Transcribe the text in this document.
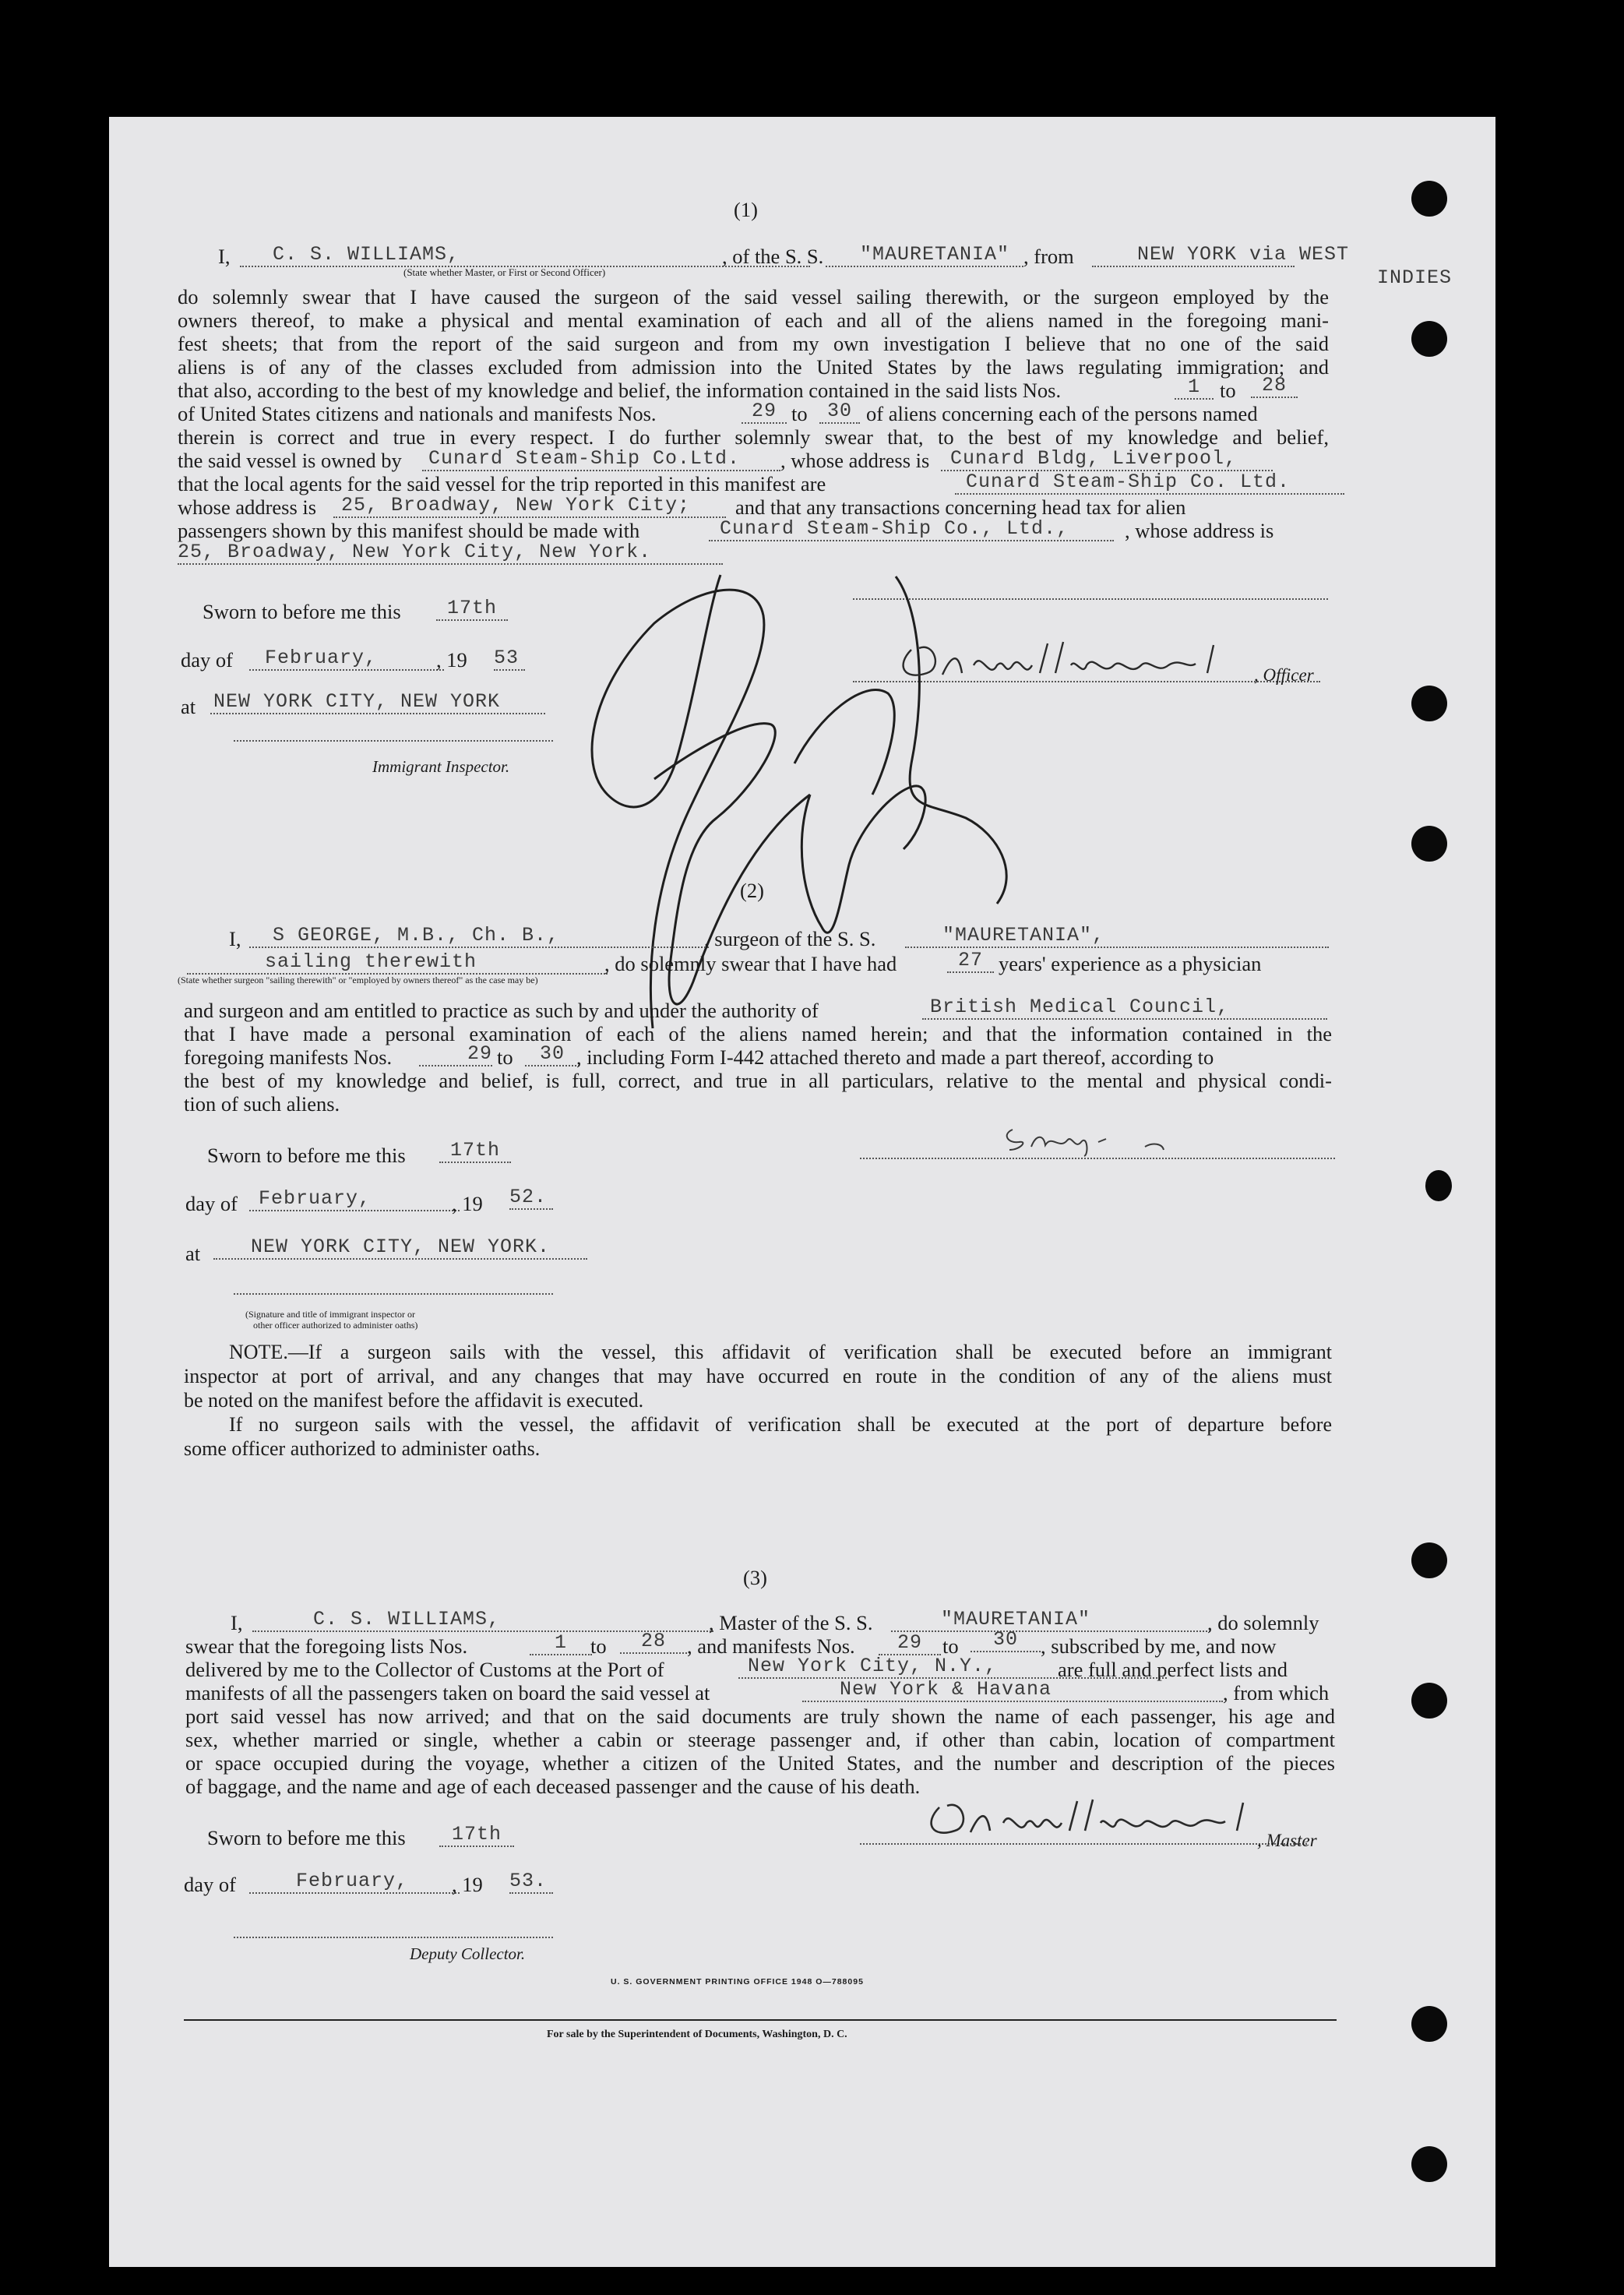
(1)
I,	C. S. WILLIAMS,	, of the S. S.	"MAURETANIA" , from	NEW YORK via WEST
INDIES
(State whether Master, or First or Second Officer)
do solemnly swear that I have caused the surgeon of the said vessel sailing therewith, or the surgeon employed by the
owners thereof, to make a physical and mental examination of each and all of the aliens named in the foregoing mani-
fest sheets; that from the report of the said surgeon and from my own investigation I believe that no one of the said
aliens is of any of the classes excluded from admission into the United States by the laws regulating immigration; and
that also, according to the best of my knowledge and belief, the information contained in the said lists Nos.	1 to	28
of United States citizens and nationals and manifests Nos.	29 to	30 of aliens concerning each of the persons named
therein is correct and true in every respect. I do further solemnly swear that, to the best of my knowledge and belief,
the said vessel is owned by	Cunard Steam-Ship Co.Ltd.	, whose address is	Cunard Bldg, Liverpool,
that the local agents for the said vessel for the trip reported in this manifest are	Cunard Steam-Ship Co. Ltd.
whose address is	25, Broadway, New York City;	and that any transactions concerning head tax for alien
passengers shown by this manifest should be made with	Cunard Steam-Ship Co., Ltd.,	, whose address is
25, Broadway, New York City, New York.
Sworn to before me this	17th
day of	February,	, 19 53
at NEW YORK CITY, NEW YORK
Immigrant Inspector.
, Officer
(2)
I,	S GEORGE, M.B., Ch. B.,	, surgeon of the S. S.	"MAURETANIA",
sailing therewith	, do solemnly swear that I have had	27 years' experience as a physician
(State whether surgeon "sailing therewith" or "employed by owners thereof" as the case may be)
and surgeon and am entitled to practice as such by and under the authority of	British Medical Council,
that I have made a personal examination of each of the aliens named herein; and that the information contained in the
foregoing manifests Nos.	29 to	30 , including Form I-442 attached thereto and made a part thereof, according to
the best of my knowledge and belief, is full, correct, and true in all particulars, relative to the mental and physical condi-
tion of such aliens.
Sworn to before me this	17th
day of	February,	, 19 52.
at	NEW YORK CITY, NEW YORK.
(Signature and title of immigrant inspector or
other officer authorized to administer oaths)
NOTE.—If a surgeon sails with the vessel, this affidavit of verification shall be executed before an immigrant
inspector at port of arrival, and any changes that may have occurred en route in the condition of any of the aliens must
be noted on the manifest before the affidavit is executed.
If no surgeon sails with the vessel, the affidavit of verification shall be executed at the port of departure before
some officer authorized to administer oaths.
(3)
I,	C. S. WILLIAMS,	, Master of the S. S.	"MAURETANIA"	, do solemnly
swear that the foregoing lists Nos.	1	to	28	, and manifests Nos.	29 to	30	, subscribed by me, and now
delivered by me to the Collector of Customs at the Port of	New York City, N.Y.,	are full and perfect lists and
manifests of all the passengers taken on board the said vessel at	New York & Havana	, from which
port said vessel has now arrived; and that on the said documents are truly shown the name of each passenger, his age and
sex, whether married or single, whether a cabin or steerage passenger and, if other than cabin, location of compartment
or space occupied during the voyage, whether a citizen of the United States, and the number and description of the pieces
of baggage, and the name and age of each deceased passenger and the cause of his death.
Sworn to before me this	17th
day of	February,	, 19 53.
Deputy Collector.
, Master
U. S. GOVERNMENT PRINTING OFFICE 1948 O—788095
For sale by the Superintendent of Documents, Washington, D. C.
